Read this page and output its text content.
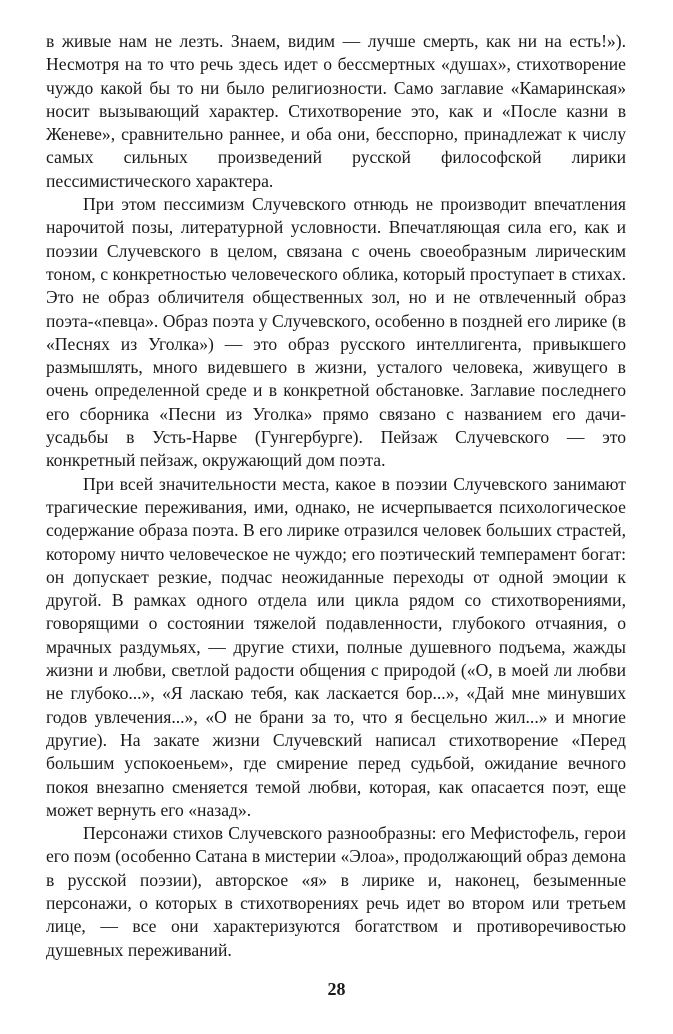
в живые нам не лезть. Знаем, видим — лучше смерть, как ни на есть!»). Несмотря на то что речь здесь идет о бессмертных «душах», стихотворение чуждо какой бы то ни было религиозности. Само заглавие «Камаринская» носит вызывающий характер. Стихотворение это, как и «После казни в Женеве», сравнительно раннее, и оба они, бесспорно, принадлежат к числу самых сильных произведений русской философской лирики пессимистического характера.

При этом пессимизм Случевского отнюдь не производит впечатления нарочитой позы, литературной условности. Впечатляющая сила его, как и поэзии Случевского в целом, связана с очень своеобразным лирическим тоном, с конкретностью человеческого облика, который проступает в стихах. Это не образ обличителя общественных зол, но и не отвлеченный образ поэта-«певца». Образ поэта у Случевского, особенно в поздней его лирике (в «Песнях из Уголка») — это образ русского интеллигента, привыкшего размышлять, много видевшего в жизни, усталого человека, живущего в очень определенной среде и в конкретной обстановке. Заглавие последнего его сборника «Песни из Уголка» прямо связано с названием его дачи-усадьбы в Усть-Нарве (Гунгербурге). Пейзаж Случевского — это конкретный пейзаж, окружающий дом поэта.

При всей значительности места, какое в поэзии Случевского занимают трагические переживания, ими, однако, не исчерпывается психологическое содержание образа поэта. В его лирике отразился человек больших страстей, которому ничто человеческое не чуждо; его поэтический темперамент богат: он допускает резкие, подчас неожиданные переходы от одной эмоции к другой. В рамках одного отдела или цикла рядом со стихотворениями, говорящими о состоянии тяжелой подавленности, глубокого отчаяния, о мрачных раздумьях, — другие стихи, полные душевного подъема, жажды жизни и любви, светлой радости общения с природой («О, в моей ли любви не глубоко...», «Я ласкаю тебя, как ласкается бор...», «Дай мне минувших годов увлечения...», «О не брани за то, что я бесцельно жил...» и многие другие). На закате жизни Случевский написал стихотворение «Перед большим успокоеньем», где смирение перед судьбой, ожидание вечного покоя внезапно сменяется темой любви, которая, как опасается поэт, еще может вернуть его «назад».

Персонажи стихов Случевского разнообразны: его Мефистофель, герои его поэм (особенно Сатана в мистерии «Элоа», продолжающий образ демона в русской поэзии), авторское «я» в лирике и, наконец, безыменные персонажи, о которых в стихотворениях речь идет во втором или третьем лице, — все они характеризуются богатством и противоречивостью душевных переживаний.

28
